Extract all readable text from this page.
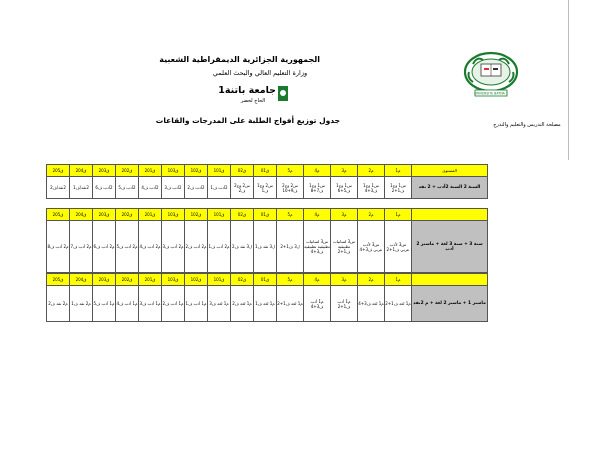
UNIVERSITE BATNA 1
الجمهورية الجزائرية الديمقراطية الشعبية
وزارة التعليم العالي والبحث العلمي
جامعة باتنة1
الحاج لخضر
جدول توزيع أفواج الطلبة على المدرجات والقاعات	مصلحة التدريس والتعليم والتدرج
المستوى	م1	م2	م3	م4	م5	ق01	ق02	ق101	ق102	ق103	ق201	ق202	ق203	ق204	ق205
السنة 2 السنة 2أدب + 2 نقد	س1 وج1 ف1+2	س1 وج1 ف3+4	س1 وج1 ف5+6	س1 وج1 ف7+8	س2 وج2 ف9+10	س2 وج1 ف1	س2 وج2 ف2	2أدب ف1	2أدب ف2	2أدب ف3	2أدب ف4	2أدب ف5	2أدب ف6	2نقد/ف1	2نقد/ف2
	م1	م2	م3	م4	م5	ق01	ق02	ق101	ق102	ق103	ق201	ق202	ق203	ق204	ق205
سنة 3 + سنة 3 لغة + ماستر 2 أدب	س3 لأدب عربي ف1+2	س3 لأدب عربي ف3+4	س3 لسانيات تطبيقية ف1+2	س3 لسانيات تطبيقية تطبيقية ف3+4	ل3 ف1+2	ل3 نقد ف1	ل3 نقد ف2	م2 أدب ف1	م2 أدب ف2	م2 أدب ف3	م2 أدب ف4	م2 أدب ف5	م2 أدب ف6	م2 أدب ف7	م2 أدب ف8
	م1	م2	م3	م4	م5	ق01	ق02	ق101	ق102	ق103	ق201	ق202	ق203	ق204	ق205
ماستر 1 + ماستر 2 لغة + م 2نقد	م1 لغة ف1+2	م1 لغة ف3+4	م1 أدب ف1+2	م1 أدب ف3+4	م1 لغة ف1+2	م1 لغة ف1	م1 لغة ف2	م1 لغة ف3	م1 أدب ف1	م1 أدب ف2	م1 أدب ف3	م1 أدب ف4	م1 أدب ف5	م2 نقد ف1	م2 نقد ف2
